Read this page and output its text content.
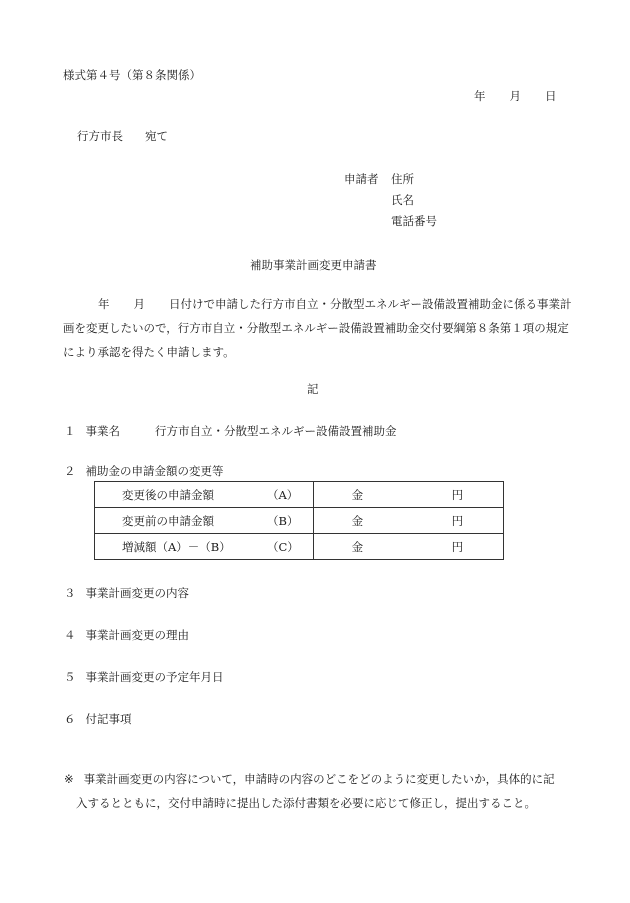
様式第４号（第８条関係）
年 月 日
行方市長 宛て
申請者 住所
氏名
電話番号
補助事業計画変更申請書
年 月 日付けで申請した行方市自立・分散型エネルギー設備設置補助金に係る事業計画を変更したいので，行方市自立・分散型エネルギー設備設置補助金交付要綱第８条第１項の規定により承認を得たく申請します。
記
１ 事業名	行方市自立・分散型エネルギー設備設置補助金
２ 補助金の申請金額の変更等
変更後の申請金額 （A）	金 円
変更前の申請金額 （B）	金 円
増減額（A）－（B） （C）	金 円
３ 事業計画変更の内容
４ 事業計画変更の理由
５ 事業計画変更の予定年月日
６ 付記事項
※ 事業計画変更の内容について，申請時の内容のどこをどのように変更したいか，具体的に記
入するとともに，交付申請時に提出した添付書類を必要に応じて修正し，提出すること。
